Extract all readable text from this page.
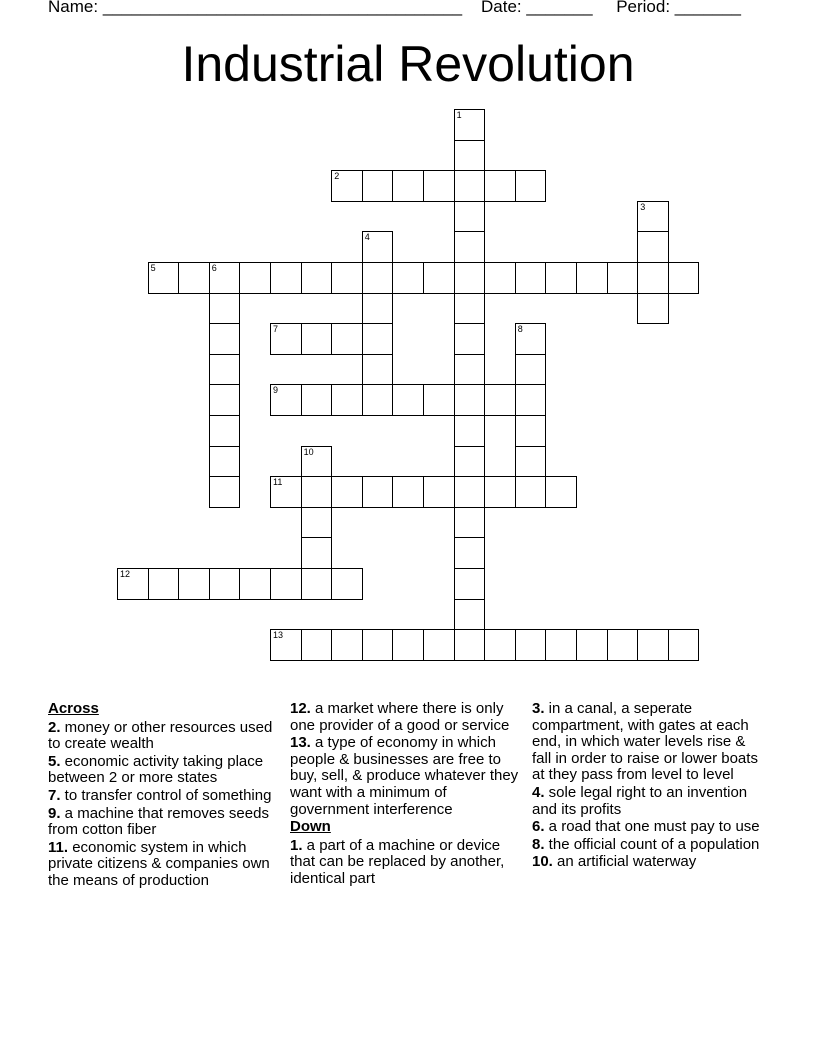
Name: ______________________________________ Date: _______ Period: _______
Industrial Revolution
1
2
3
4
5	6
7	8
9
10
11
12
13
Across
2. money or other resources used to create wealth
5. economic activity taking place between 2 or more states
7. to transfer control of something
9. a machine that removes seeds from cotton fiber
11. economic system in which private citizens & companies own the means of production
12. a market where there is only one provider of a good or service
13. a type of economy in which people & businesses are free to buy, sell, & produce whatever they want with a minimum of government interference
Down
1. a part of a machine or device that can be replaced by another, identical part
3. in a canal, a seperate compartment, with gates at each end, in which water levels rise & fall in order to raise or lower boats at they pass from level to level
4. sole legal right to an invention and its profits
6. a road that one must pay to use
8. the official count of a population
10. an artificial waterway
